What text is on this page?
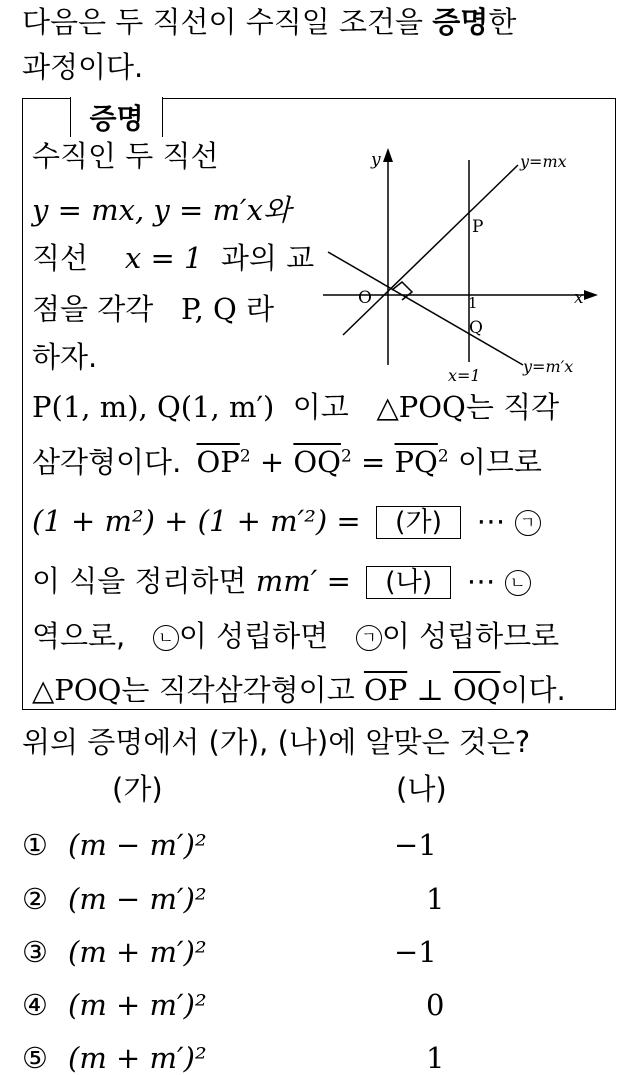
다음은 두 직선이 수직일 조건을 증명한
과정이다.
증명
수직인 두 직선
y = mx, y = m′x와
직선 x = 1 과의 교
점을 각각 P, Q 라
하자.
y
x
O
y=mx
y=m′x
P
Q
1
x=1
P(1, m), Q(1, m′) 이고 △POQ는 직각
삼각형이다. $\overline{OP}^2 + \overline{OQ}^2 = \overline{PQ}^2$ 이므로
(1 + m²) + (1 + m′²) = (가) ⋯ ㄱ
이 식을 정리하면 mm′ = (나) ⋯ ㄴ
역으로, ㄴ 이 성립하면 ㄱ 이 성립하므로
△POQ는 직각삼각형이고 $\overline{OP}$ ⊥ $\overline{OQ}$이다.
위의 증명에서 (가), (나)에 알맞은 것은?
(가)	(나)
① (m − m′)²	−1
② (m − m′)²	1
③ (m + m′)²	−1
④ (m + m′)²	0
⑤ (m + m′)²	1
